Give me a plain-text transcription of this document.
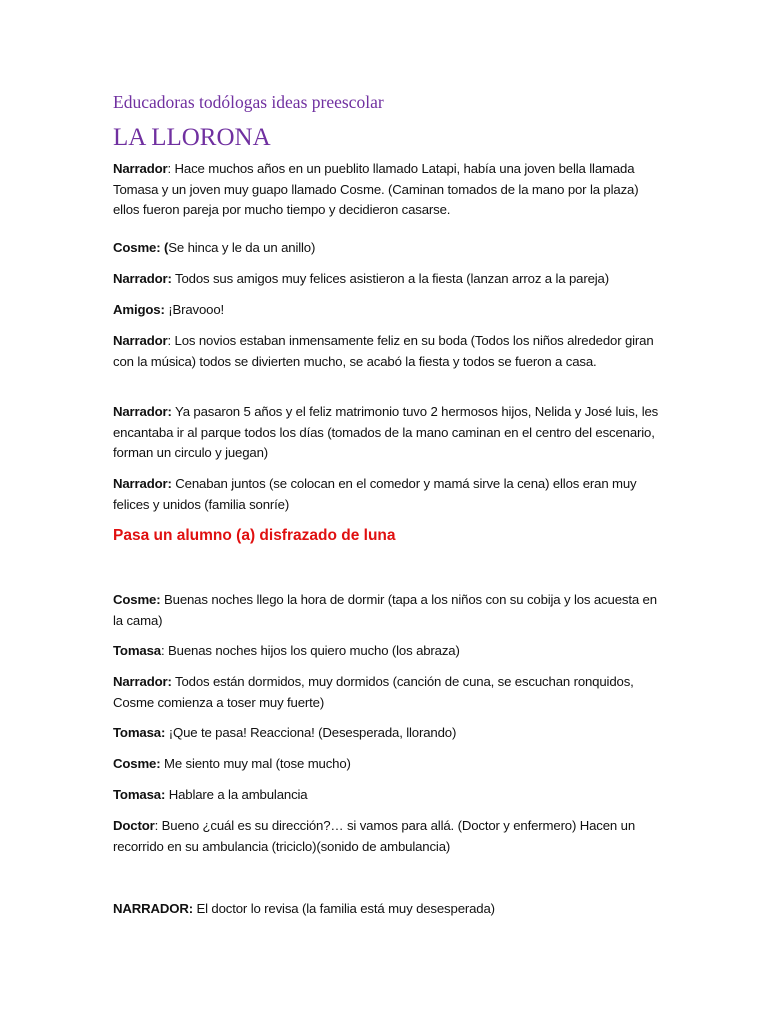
Educadoras todólogas ideas preescolar
LA LLORONA

Narrador: Hace muchos años en un pueblito llamado Latapi, había una joven bella llamada Tomasa y un joven muy guapo llamado Cosme. (Caminan tomados de la mano por la plaza) ellos fueron pareja por mucho tiempo y decidieron casarse.

Cosme: (Se hinca y le da un anillo)

Narrador: Todos sus amigos muy felices asistieron a la fiesta (lanzan arroz a la pareja)

Amigos: ¡Bravooo!

Narrador: Los novios estaban inmensamente feliz en su boda (Todos los niños alrededor giran con la música) todos se divierten mucho, se acabó la fiesta y todos se fueron a casa.

Narrador: Ya pasaron 5 años y el feliz matrimonio tuvo 2 hermosos hijos, Nelida y José luis, les encantaba ir al parque todos los días (tomados de la mano caminan en el centro del escenario, forman un circulo y juegan)

Narrador: Cenaban juntos (se colocan en el comedor y mamá sirve la cena) ellos eran muy felices y unidos (familia sonríe)

Pasa un alumno (a) disfrazado de luna

Cosme: Buenas noches llego la hora de dormir (tapa a los niños con su cobija y los acuesta en la cama)

Tomasa: Buenas noches hijos los quiero mucho (los abraza)

Narrador: Todos están dormidos, muy dormidos (canción de cuna, se escuchan ronquidos, Cosme comienza a toser muy fuerte)

Tomasa: ¡Que te pasa! Reacciona! (Desesperada, llorando)

Cosme: Me siento muy mal (tose mucho)

Tomasa: Hablare a la ambulancia

Doctor: Bueno ¿cuál es su dirección?… si vamos para allá. (Doctor y enfermero) Hacen un recorrido en su ambulancia (triciclo)(sonido de ambulancia)

NARRADOR: El doctor lo revisa (la familia está muy desesperada)
